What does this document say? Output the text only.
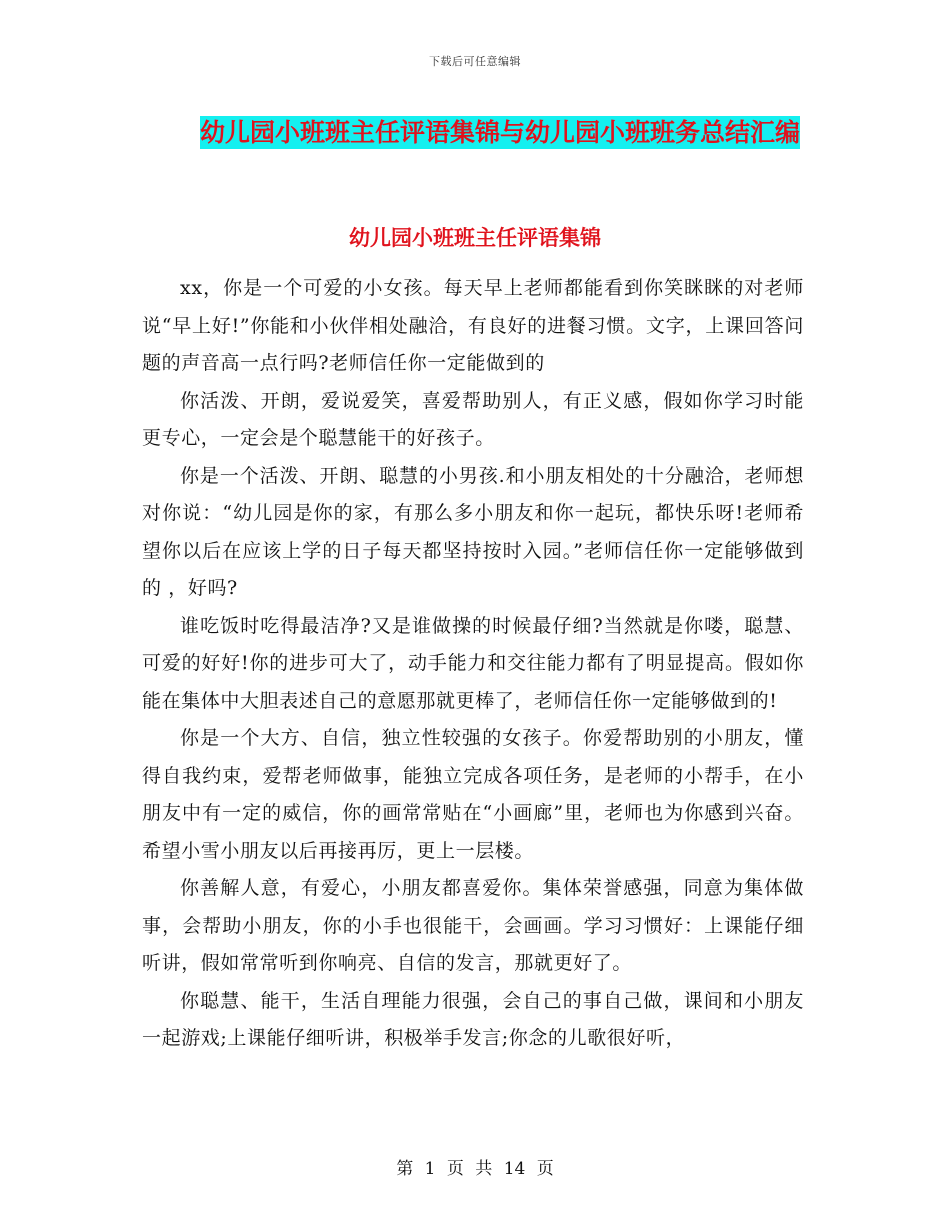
下载后可任意编辑
幼儿园小班班主任评语集锦与幼儿园小班班务总结汇编
幼儿园小班班主任评语集锦

xx，你是一个可爱的小女孩。每天早上老师都能看到你笑眯眯的对老师说“早上好!”你能和小伙伴相处融洽，有良好的进餐习惯。文字，上课回答问题的声音高一点行吗?老师信任你一定能做到的

你活泼、开朗，爱说爱笑，喜爱帮助别人，有正义感，假如你学习时能更专心，一定会是个聪慧能干的好孩子。

你是一个活泼、开朗、聪慧的小男孩.和小朋友相处的十分融洽，老师想对你说：“幼儿园是你的家，有那么多小朋友和你一起玩，都快乐呀!老师希望你以后在应该上学的日子每天都坚持按时入园。”老师信任你一定能够做到的 ，好吗?

谁吃饭时吃得最洁净?又是谁做操的时候最仔细?当然就是你喽，聪慧、可爱的好好!你的进步可大了，动手能力和交往能力都有了明显提高。假如你能在集体中大胆表述自己的意愿那就更棒了，老师信任你一定能够做到的!

你是一个大方、自信，独立性较强的女孩子。你爱帮助别的小朋友，懂得自我约束，爱帮老师做事，能独立完成各项任务，是老师的小帮手，在小朋友中有一定的威信，你的画常常贴在“小画廊”里，老师也为你感到兴奋。希望小雪小朋友以后再接再厉，更上一层楼。

你善解人意，有爱心，小朋友都喜爱你。集体荣誉感强，同意为集体做事，会帮助小朋友，你的小手也很能干，会画画。学习习惯好：上课能仔细听讲，假如常常听到你响亮、自信的发言，那就更好了。

你聪慧、能干，生活自理能力很强，会自己的事自己做，课间和小朋友一起游戏;上课能仔细听讲，积极举手发言;你念的儿歌很好听，

第 1 页 共 14 页
